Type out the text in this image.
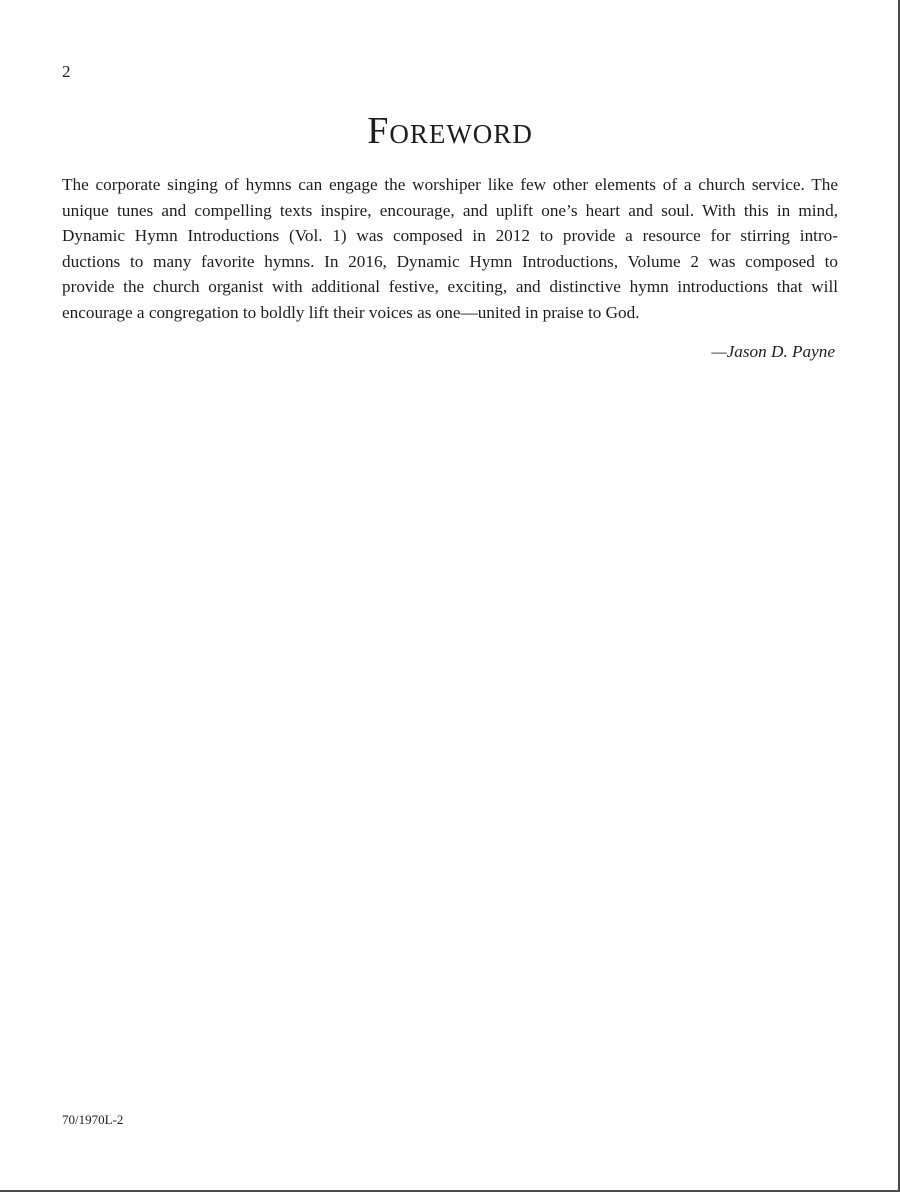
2
Foreword

The corporate singing of hymns can engage the worshiper like few other elements of a church service. The
unique tunes and compelling texts inspire, encourage, and uplift one’s heart and soul. With this in mind,
Dynamic Hymn Introductions (Vol. 1) was composed in 2012 to provide a resource for stirring intro-
ductions to many favorite hymns. In 2016, Dynamic Hymn Introductions, Volume 2 was composed to
provide the church organist with additional festive, exciting, and distinctive hymn introductions that will
encourage a congregation to boldly lift their voices as one—united in praise to God.

—Jason D. Payne
70/1970L-2
